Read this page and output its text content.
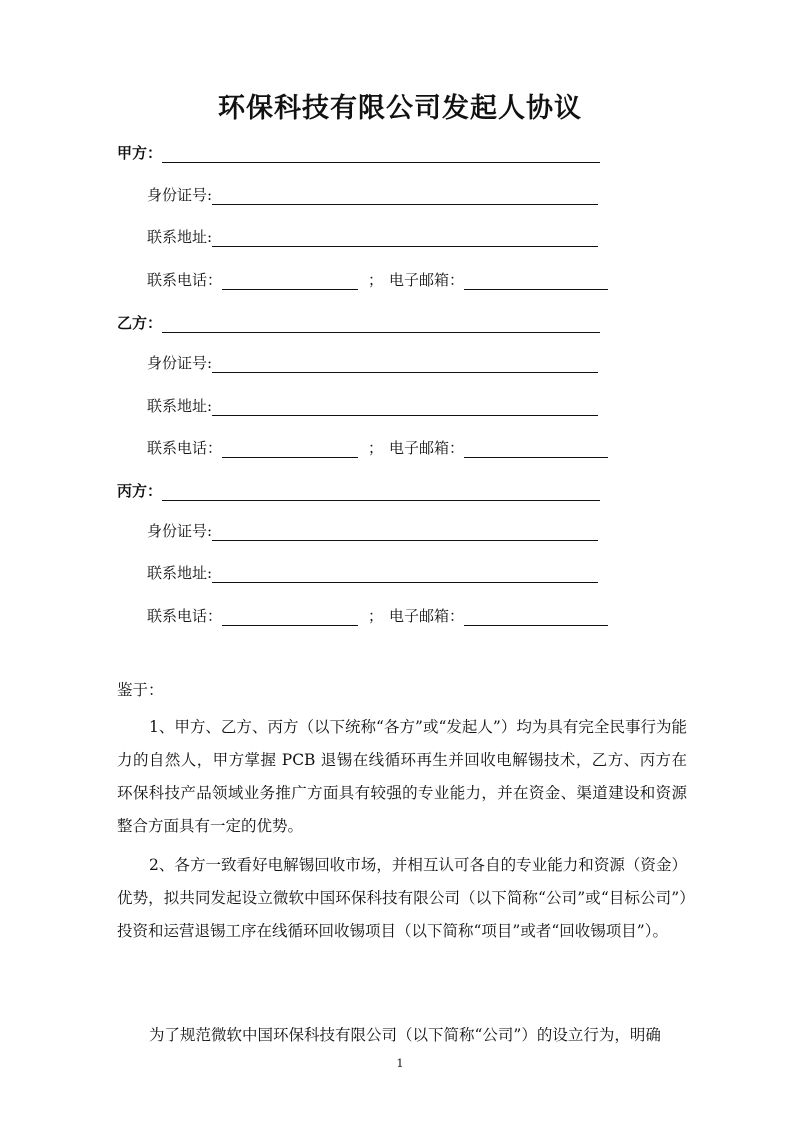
环保科技有限公司发起人协议
甲方：
身份证号:
联系地址:
联系电话：	； 电子邮箱：
乙方：
身份证号:
联系地址:
联系电话：	； 电子邮箱：
丙方：
身份证号:
联系地址:
联系电话：	； 电子邮箱：
鉴于：
1、甲方、乙方、丙方（以下统称“各方”或“发起人”）均为具有完全民事行为能力的自然人，甲方掌握 PCB 退锡在线循环再生并回收电解锡技术，乙方、丙方在环保科技产品领域业务推广方面具有较强的专业能力，并在资金、渠道建设和资源整合方面具有一定的优势。
2、各方一致看好电解锡回收市场，并相互认可各自的专业能力和资源（资金）优势，拟共同发起设立微软中国环保科技有限公司（以下简称“公司”或“目标公司”）投资和运营退锡工序在线循环回收锡项目（以下简称“项目”或者“回收锡项目”）。
为了规范微软中国环保科技有限公司（以下简称“公司”）的设立行为，明确
1
